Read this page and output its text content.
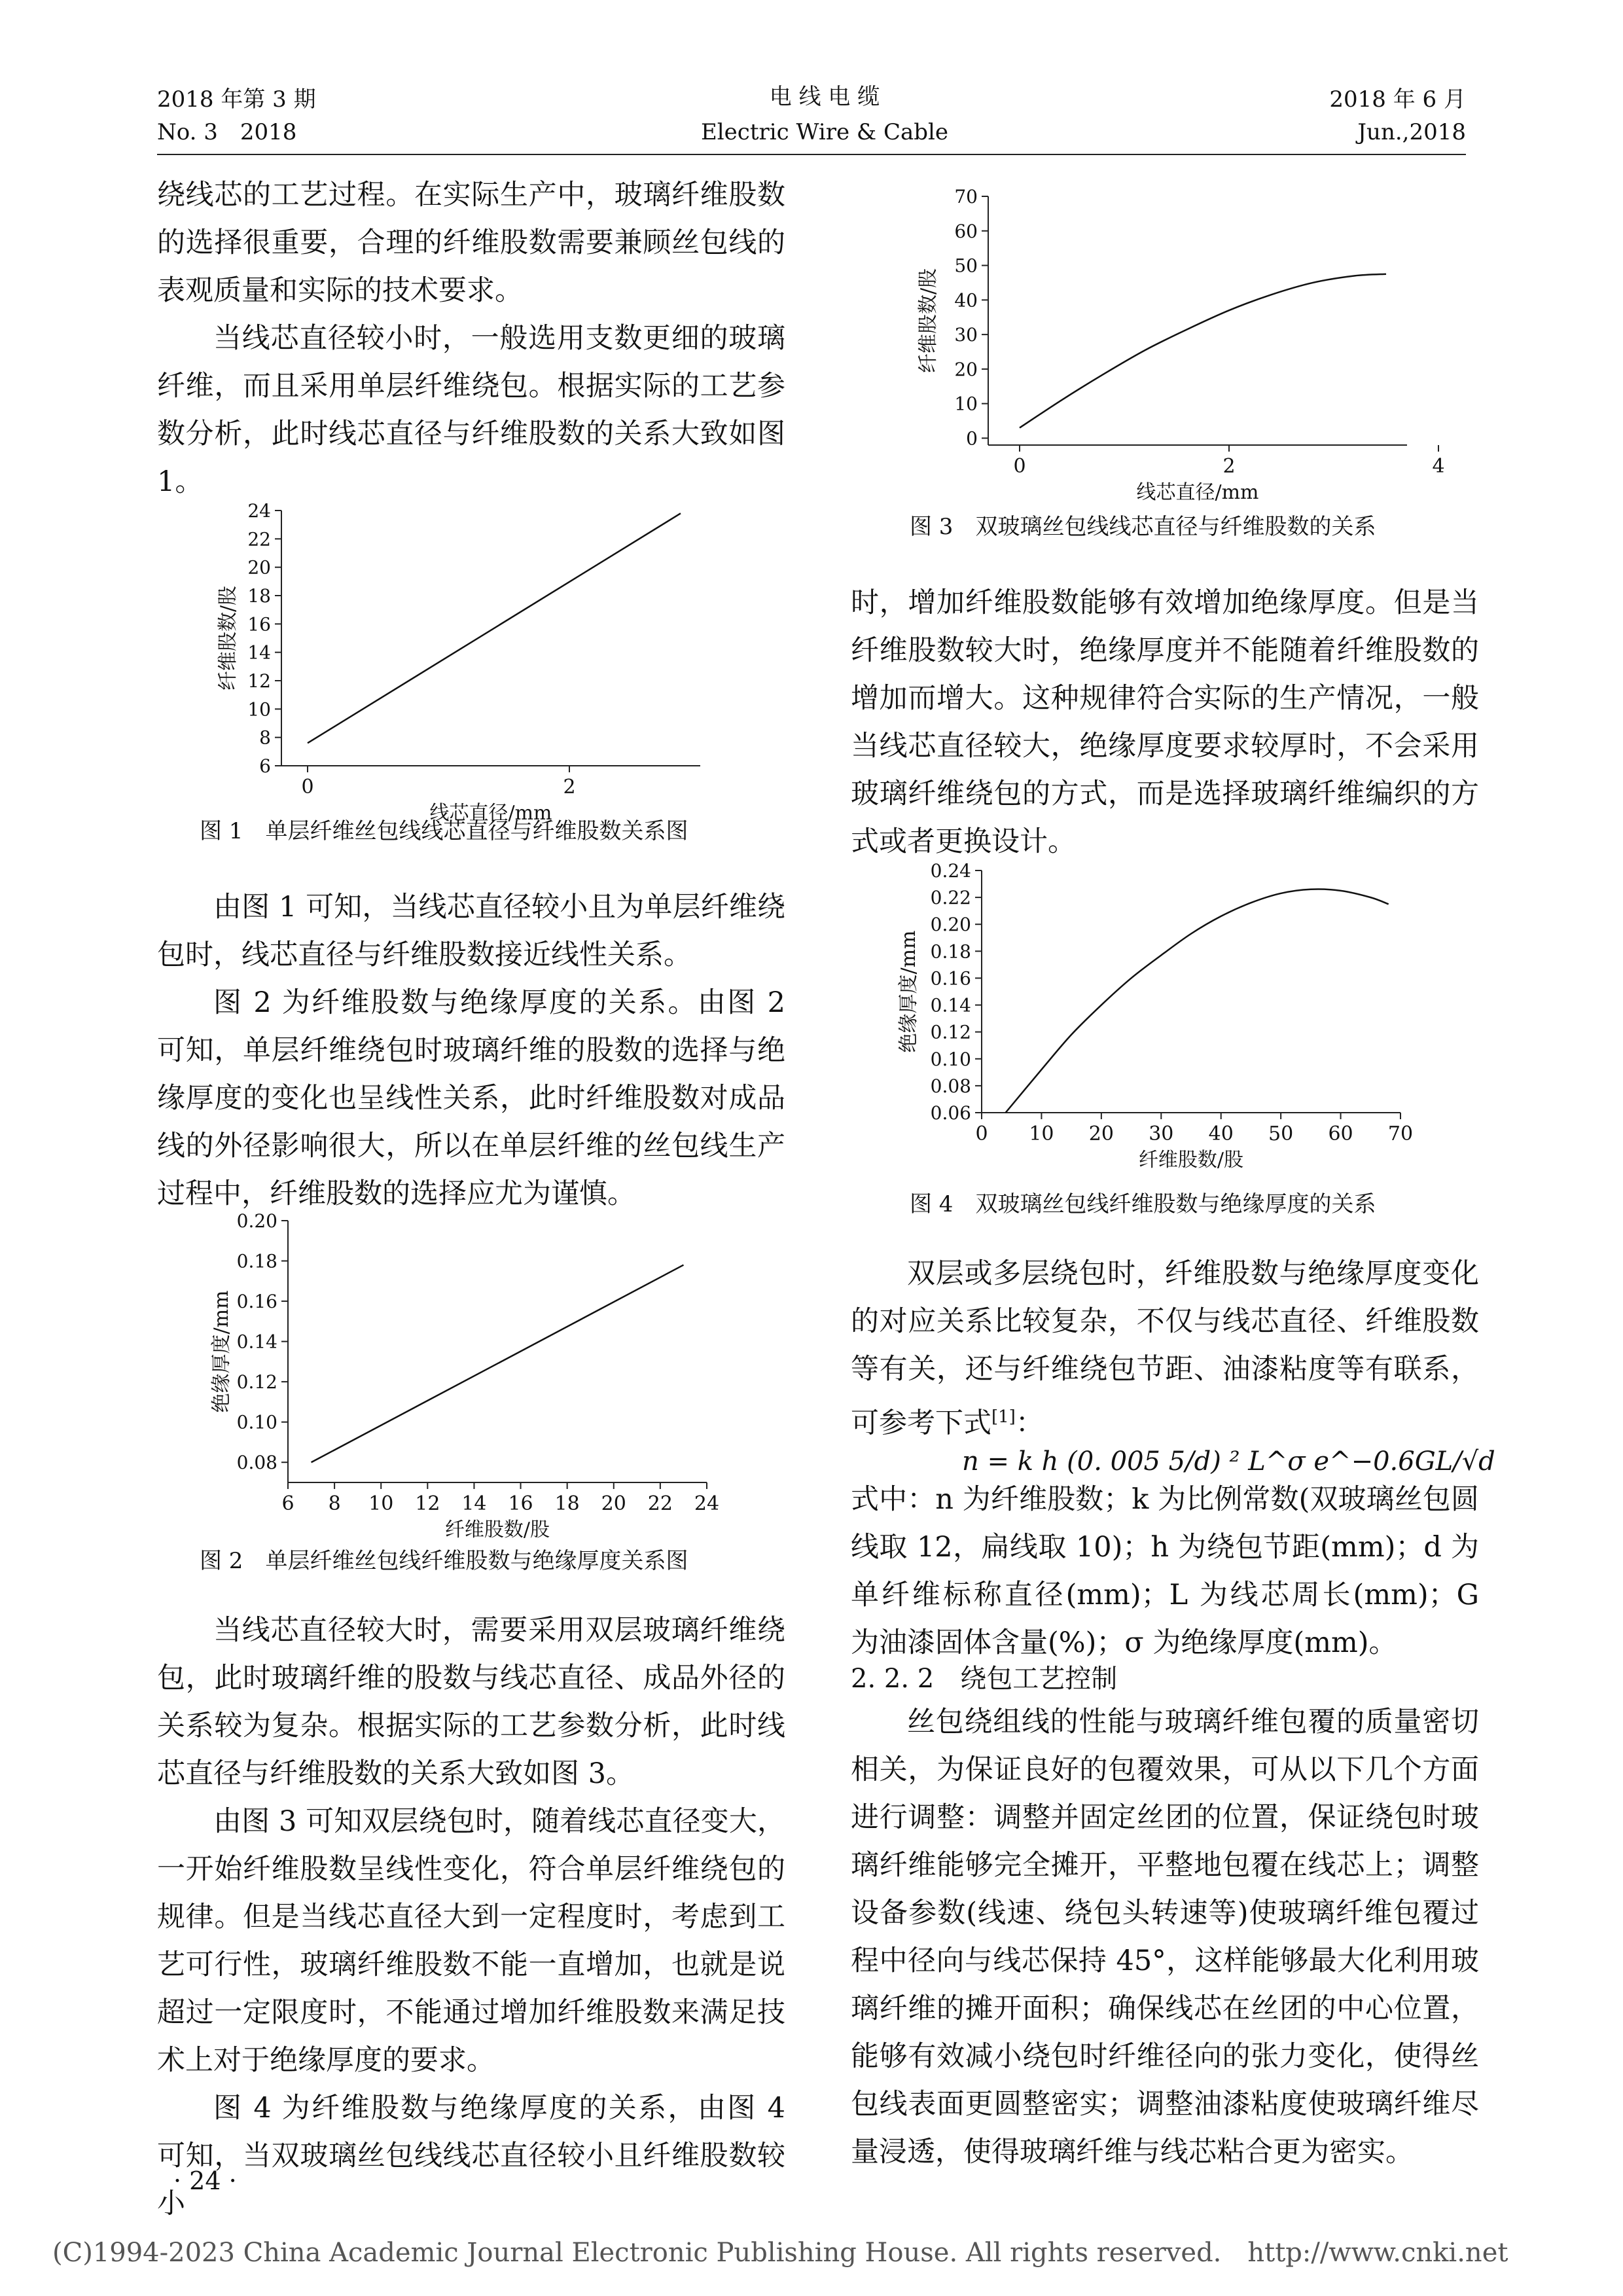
2018 年第 3 期
No. 3　2018
电 线 电 缆
Electric Wire & Cable
2018 年 6 月
Jun.,2018

绕线芯的工艺过程。在实际生产中，玻璃纤维股数的选择很重要，合理的纤维股数需要兼顾丝包线的表观质量和实际的技术要求。

当线芯直径较小时，一般选用支数更细的玻璃纤维，而且采用单层纤维绕包。根据实际的工艺参数分析，此时线芯直径与纤维股数的关系大致如图 1。

0	2
6
8
10
12
14
16
18
20
22
24
线芯直径/mm
纤维股数/股
图 1　单层纤维丝包线线芯直径与纤维股数关系图

由图 1 可知，当线芯直径较小且为单层纤维绕包时，线芯直径与纤维股数接近线性关系。

图 2 为纤维股数与绝缘厚度的关系。由图 2 可知，单层纤维绕包时玻璃纤维的股数的选择与绝缘厚度的变化也呈线性关系，此时纤维股数对成品线的外径影响很大，所以在单层纤维的丝包线生产过程中，纤维股数的选择应尤为谨慎。

6 8 10 12 14 16 18 20 22 24
0.08
0.10
0.12
0.14
0.16
0.18
0.20
纤维股数/股
绝缘厚度/mm
图 2　单层纤维丝包线纤维股数与绝缘厚度关系图

当线芯直径较大时，需要采用双层玻璃纤维绕包，此时玻璃纤维的股数与线芯直径、成品外径的关系较为复杂。根据实际的工艺参数分析，此时线芯直径与纤维股数的关系大致如图 3。

由图 3 可知双层绕包时，随着线芯直径变大，一开始纤维股数呈线性变化，符合单层纤维绕包的规律。但是当线芯直径大到一定程度时，考虑到工艺可行性，玻璃纤维股数不能一直增加，也就是说超过一定限度时，不能通过增加纤维股数来满足技术上对于绝缘厚度的要求。

图 4 为纤维股数与绝缘厚度的关系，由图 4 可知，当双玻璃丝包线线芯直径较小且纤维股数较小

· 24 ·
0	2	4
0
10
20
30
40
50
60
70
线芯直径/mm
纤维股数/股
图 3　双玻璃丝包线线芯直径与纤维股数的关系

时，增加纤维股数能够有效增加绝缘厚度。但是当纤维股数较大时，绝缘厚度并不能随着纤维股数的增加而增大。这种规律符合实际的生产情况，一般当线芯直径较大，绝缘厚度要求较厚时，不会采用玻璃纤维绕包的方式，而是选择玻璃纤维编织的方式或者更换设计。

0 10 20 30 40 50 60 70
0.06
0.08
0.10
0.12
0.14
0.16
0.18
0.20
0.22
0.24
纤维股数/股
绝缘厚度/mm
图 4　双玻璃丝包线纤维股数与绝缘厚度的关系

双层或多层绕包时，纤维股数与绝缘厚度变化的对应关系比较复杂，不仅与线芯直径、纤维股数等有关，还与纤维绕包节距、油漆粘度等有联系，可参考下式[1]：

n = k h (0. 005 5/d) ² L^σ e^−0.6GL/√d

式中：n 为纤维股数；k 为比例常数(双玻璃丝包圆线取 12，扁线取 10)；h 为绕包节距(mm)；d 为单纤维标称直径(mm)；L 为线芯周长(mm)；G 为油漆固体含量(%)；σ 为绝缘厚度(mm)。

2. 2. 2　绕包工艺控制

丝包绕组线的性能与玻璃纤维包覆的质量密切相关，为保证良好的包覆效果，可从以下几个方面进行调整：调整并固定丝团的位置，保证绕包时玻璃纤维能够完全摊开，平整地包覆在线芯上；调整设备参数(线速、绕包头转速等)使玻璃纤维包覆过程中径向与线芯保持 45°，这样能够最大化利用玻璃纤维的摊开面积；确保线芯在丝团的中心位置，能够有效减小绕包时纤维径向的张力变化，使得丝包线表面更圆整密实；调整油漆粘度使玻璃纤维尽量浸透，使得玻璃纤维与线芯粘合更为密实。

(C)1994-2023 China Academic Journal Electronic Publishing House. All rights reserved.　http://www.cnki.net
